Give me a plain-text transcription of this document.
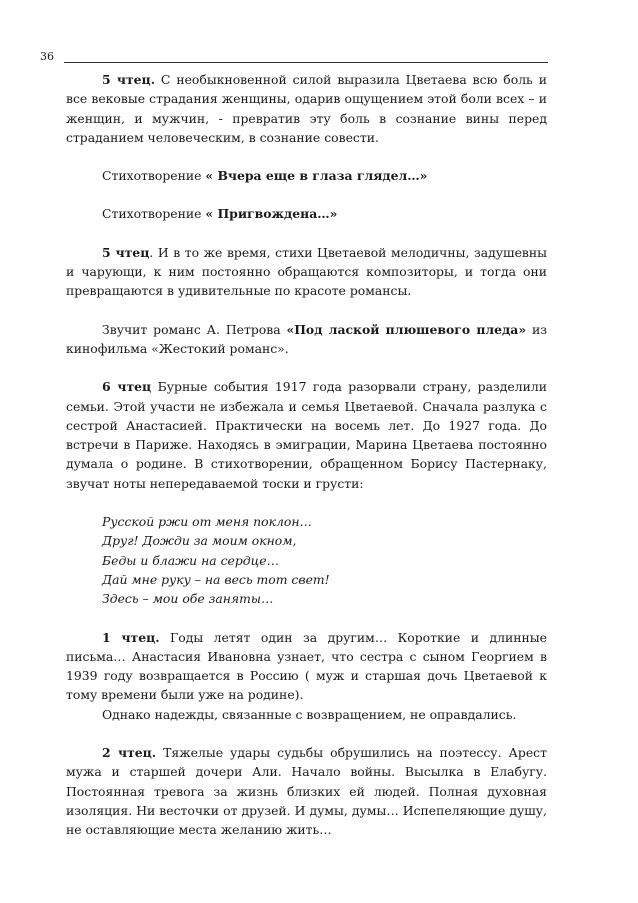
36

5 чтец. С необыкновенной силой выразила Цветаева всю боль и все вековые страдания женщины, одарив ощущением этой боли всех – и женщин, и мужчин, - превратив эту боль в сознание вины перед страданием человеческим, в сознание совести.

Стихотворение « Вчера еще в глаза глядел…»

Стихотворение « Пригвождена…»

5 чтец. И в то же время, стихи Цветаевой мелодичны, задушевны и чарующи, к ним постоянно обращаются композиторы, и тогда они превращаются в удивительные по красоте романсы.

Звучит романс А. Петрова «Под лаской плюшевого пледа» из кинофильма «Жестокий романс».

6 чтец Бурные события 1917 года разорвали страну, разделили семьи. Этой участи не избежала и семья Цветаевой. Сначала разлука с сестрой Анастасией. Практически на восемь лет. До 1927 года. До встречи в Париже. Находясь в эмиграции, Марина Цветаева постоянно думала о родине. В стихотворении, обращенном Борису Пастернаку, звучат ноты непередаваемой тоски и грусти:

Русской ржи от меня поклон…
Друг! Дожди за моим окном,
Беды и блажи на сердце…
Дай мне руку – на весь тот свет!
Здесь – мои обе заняты…

1 чтец. Годы летят один за другим… Короткие и длинные письма… Анастасия Ивановна узнает, что сестра с сыном Георгием в 1939 году возвращается в Россию ( муж и старшая дочь Цветаевой к тому времени были уже на родине).

Однако надежды, связанные с возвращением, не оправдались.

2 чтец. Тяжелые удары судьбы обрушились на поэтессу. Арест мужа и старшей дочери Али. Начало войны. Высылка в Елабугу. Постоянная тревога за жизнь близких ей людей. Полная духовная изоляция. Ни весточки от друзей. И думы, думы… Испепеляющие душу, не оставляющие места желанию жить…
